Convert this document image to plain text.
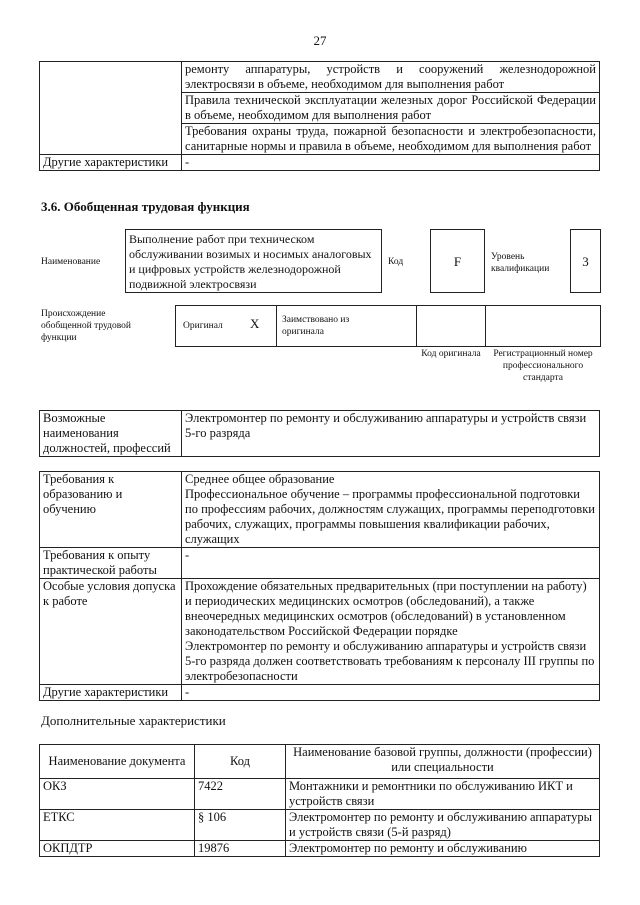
27
	ремонту аппаратуры, устройств и сооружений железнодорожной электросвязи в объеме, необходимом для выполнения работ
	Правила технической эксплуатации железных дорог Российской Федерации в объеме, необходимом для выполнения работ
	Требования охраны труда, пожарной безопасности и электробезопасности, санитарные нормы и правила в объеме, необходимом для выполнения работ
Другие характеристики	-
3.6. Обобщенная трудовая функция
Наименование
Выполнение работ при техническом обслуживании возимых и носимых аналоговых и цифровых устройств железнодорожной подвижной электросвязи
Код	F	Уровень квалификации	3
Происхождение обобщенной трудовой функции
Оригинал X Заимствовано из оригинала
Код оригинала	Регистрационный номер профессионального стандарта
Возможные наименования должностей, профессий	Электромонтер по ремонту и обслуживанию аппаратуры и устройств связи 5-го разряда
Требования к образованию и обучению	Среднее общее образование

Профессиональное обучение – программы профессиональной подготовки по профессиям рабочих, должностям служащих, программы переподготовки рабочих, служащих, программы повышения квалификации рабочих, служащих

Требования к опыту практической работы	-
Особые условия допуска к работе	Прохождение обязательных предварительных (при поступлении на работу) и периодических медицинских осмотров (обследований), а также внеочередных медицинских осмотров (обследований) в установленном законодательством Российской Федерации порядке

Электромонтер по ремонту и обслуживанию аппаратуры и устройств связи 5-го разряда должен соответствовать требованиям к персоналу III группы по электробезопасности

Другие характеристики	-
Дополнительные характеристики
Наименование документа	Код	Наименование базовой группы, должности (профессии) или специальности
ОКЗ	7422	Монтажники и ремонтники по обслуживанию ИКТ и устройств связи
ЕТКС	§ 106	Электромонтер по ремонту и обслуживанию аппаратуры и устройств связи (5-й разряд)
ОКПДТР	19876	Электромонтер по ремонту и обслуживанию
